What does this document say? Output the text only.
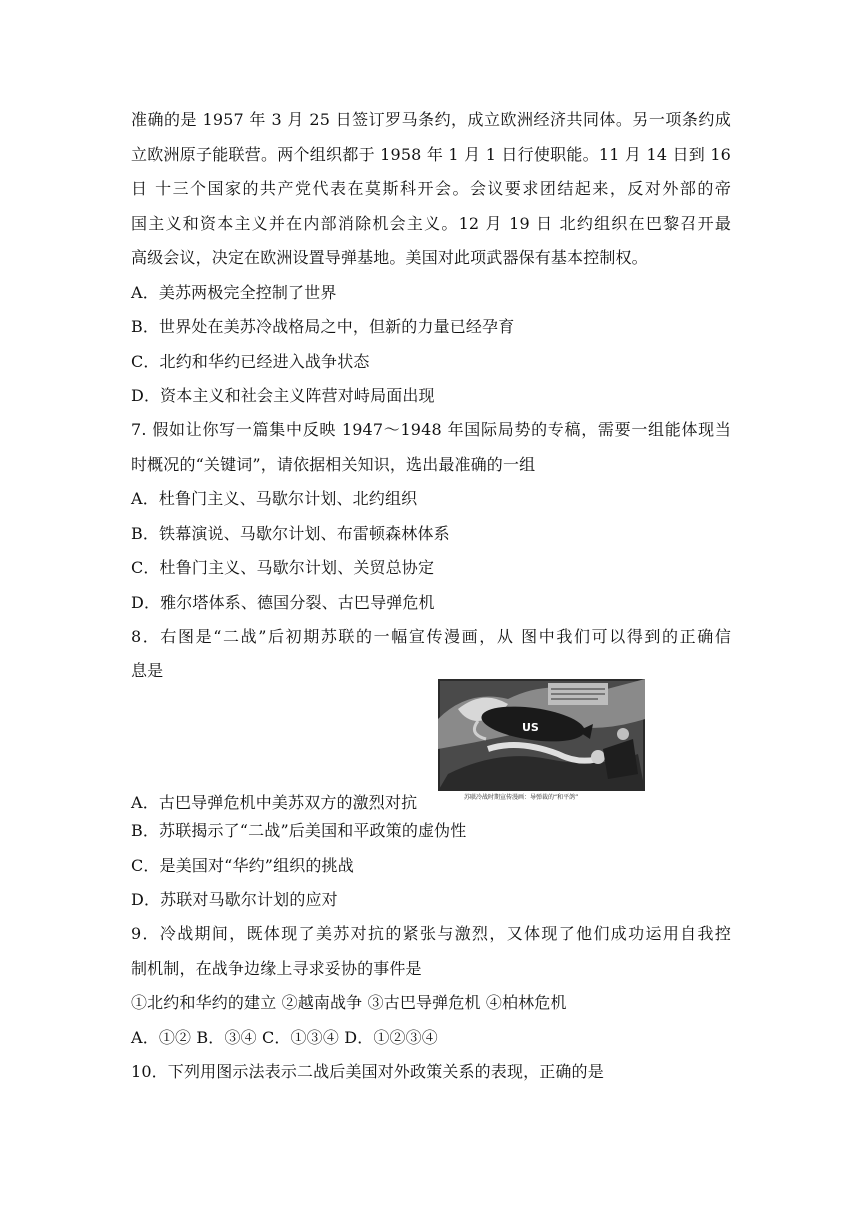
准确的是 1957 年 3 月 25 日签订罗马条约，成立欧洲经济共同体。另一项条约成
立欧洲原子能联营。两个组织都于 1958 年 1 月 1 日行使职能。11 月 14 日到 16
日 十三个国家的共产党代表在莫斯科开会。会议要求团结起来，反对外部的帝
国主义和资本主义并在内部消除机会主义。12 月 19 日 北约组织在巴黎召开最
高级会议，决定在欧洲设置导弹基地。美国对此项武器保有基本控制权。
A．美苏两极完全控制了世界
B．世界处在美苏冷战格局之中，但新的力量已经孕育
C．北约和华约已经进入战争状态
D．资本主义和社会主义阵营对峙局面出现
7. 假如让你写一篇集中反映 1947～1948 年国际局势的专稿，需要一组能体现当
时概况的“关键词”，请依据相关知识，选出最准确的一组
A．杜鲁门主义、马歇尔计划、北约组织
B．铁幕演说、马歇尔计划、布雷顿森林体系
C．杜鲁门主义、马歇尔计划、关贸总协定
D．雅尔塔体系、德国分裂、古巴导弹危机
8．右图是“二战”后初期苏联的一幅宣传漫画，从 图中我们可以得到的正确信
息是
US
苏联冷战时期宣传漫画：导弹裁的“和平鸽”
A．古巴导弹危机中美苏双方的激烈对抗
B．苏联揭示了“二战”后美国和平政策的虚伪性
C．是美国对“华约”组织的挑战
D．苏联对马歇尔计划的应对
9．冷战期间，既体现了美苏对抗的紧张与激烈，又体现了他们成功运用自我控
制机制，在战争边缘上寻求妥协的事件是
①北约和华约的建立 ②越南战争 ③古巴导弹危机 ④柏林危机
A．①② B．③④ C．①③④ D．①②③④
10．下列用图示法表示二战后美国对外政策关系的表现，正确的是
